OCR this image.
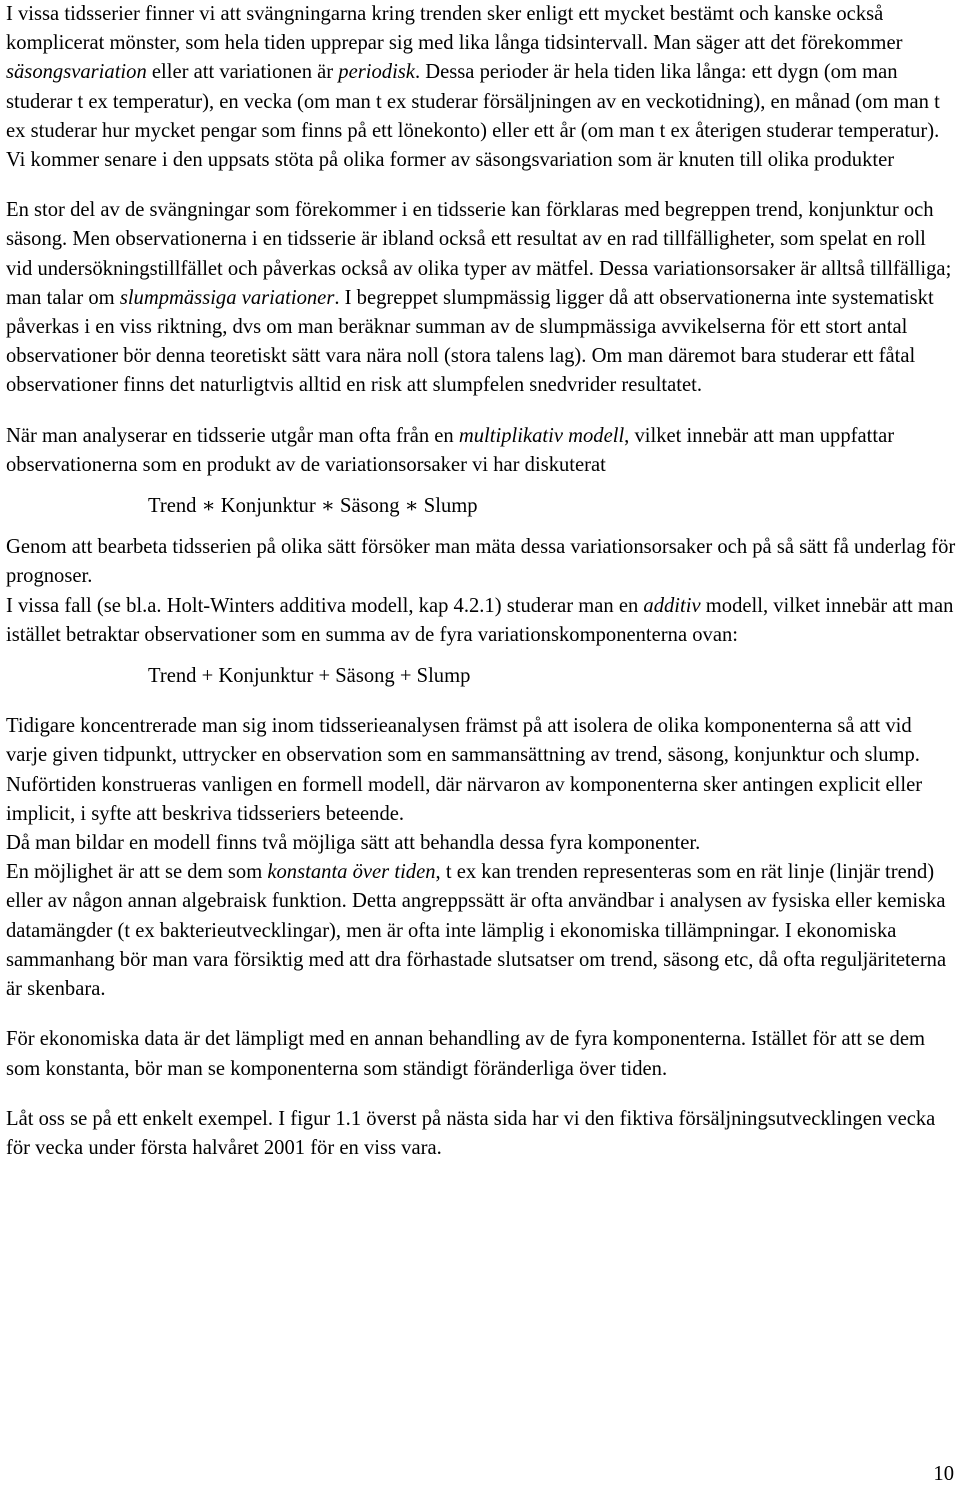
I vissa tidsserier finner vi att svängningarna kring trenden sker enligt ett mycket bestämt och kanske också komplicerat mönster, som hela tiden upprepar sig med lika långa tidsintervall. Man säger att det förekommer säsongsvariation eller att variationen är periodisk. Dessa perioder är hela tiden lika långa: ett dygn (om man studerar t ex temperatur), en vecka (om man t ex studerar försäljningen av en veckotidning), en månad (om man t ex studerar hur mycket pengar som finns på ett lönekonto) eller ett år (om man t ex återigen studerar temperatur).

Vi kommer senare i den uppsats stöta på olika former av säsongsvariation som är knuten till olika produkter

En stor del av de svängningar som förekommer i en tidsserie kan förklaras med begreppen trend, konjunktur och säsong. Men observationerna i en tidsserie är ibland också ett resultat av en rad tillfälligheter, som spelat en roll vid undersökningstillfället och påverkas också av olika typer av mätfel. Dessa variationsorsaker är alltså tillfälliga; man talar om slumpmässiga variationer. I begreppet slumpmässig ligger då att observationerna inte systematiskt påverkas i en viss riktning, dvs om man beräknar summan av de slumpmässiga avvikelserna för ett stort antal observationer bör denna teoretiskt sätt vara nära noll (stora talens lag). Om man däremot bara studerar ett fåtal observationer finns det naturligtvis alltid en risk att slumpfelen snedvrider resultatet.

När man analyserar en tidsserie utgår man ofta från en multiplikativ modell, vilket innebär att man uppfattar observationerna som en produkt av de variationsorsaker vi har diskuterat

Trend ∗ Konjunktur ∗ Säsong ∗ Slump

Genom att bearbeta tidsserien på olika sätt försöker man mäta dessa variationsorsaker och på så sätt få underlag för prognoser.

I vissa fall (se bl.a. Holt-Winters additiva modell, kap 4.2.1) studerar man en additiv modell, vilket innebär att man istället betraktar observationer som en summa av de fyra variationskomponenterna ovan:

Trend + Konjunktur + Säsong + Slump

Tidigare koncentrerade man sig inom tidsserieanalysen främst på att isolera de olika komponenterna så att vid varje given tidpunkt, uttrycker en observation som en sammansättning av trend, säsong, konjunktur och slump.

Nuförtiden konstrueras vanligen en formell modell, där närvaron av komponenterna sker antingen explicit eller implicit, i syfte att beskriva tidsseriers beteende.

Då man bildar en modell finns två möjliga sätt att behandla dessa fyra komponenter.

En möjlighet är att se dem som konstanta över tiden, t ex kan trenden representeras som en rät linje (linjär trend) eller av någon annan algebraisk funktion. Detta angreppssätt är ofta användbar i analysen av fysiska eller kemiska datamängder (t ex bakterieutvecklingar), men är ofta inte lämplig i ekonomiska tillämpningar. I ekonomiska sammanhang bör man vara försiktig med att dra förhastade slutsatser om trend, säsong etc, då ofta reguljäriteterna är skenbara.

För ekonomiska data är det lämpligt med en annan behandling av de fyra komponenterna. Istället för att se dem som konstanta, bör man se komponenterna som ständigt föränderliga över tiden.

Låt oss se på ett enkelt exempel. I figur 1.1 överst på nästa sida har vi den fiktiva försäljningsutvecklingen vecka för vecka under första halvåret 2001 för en viss vara.

10
